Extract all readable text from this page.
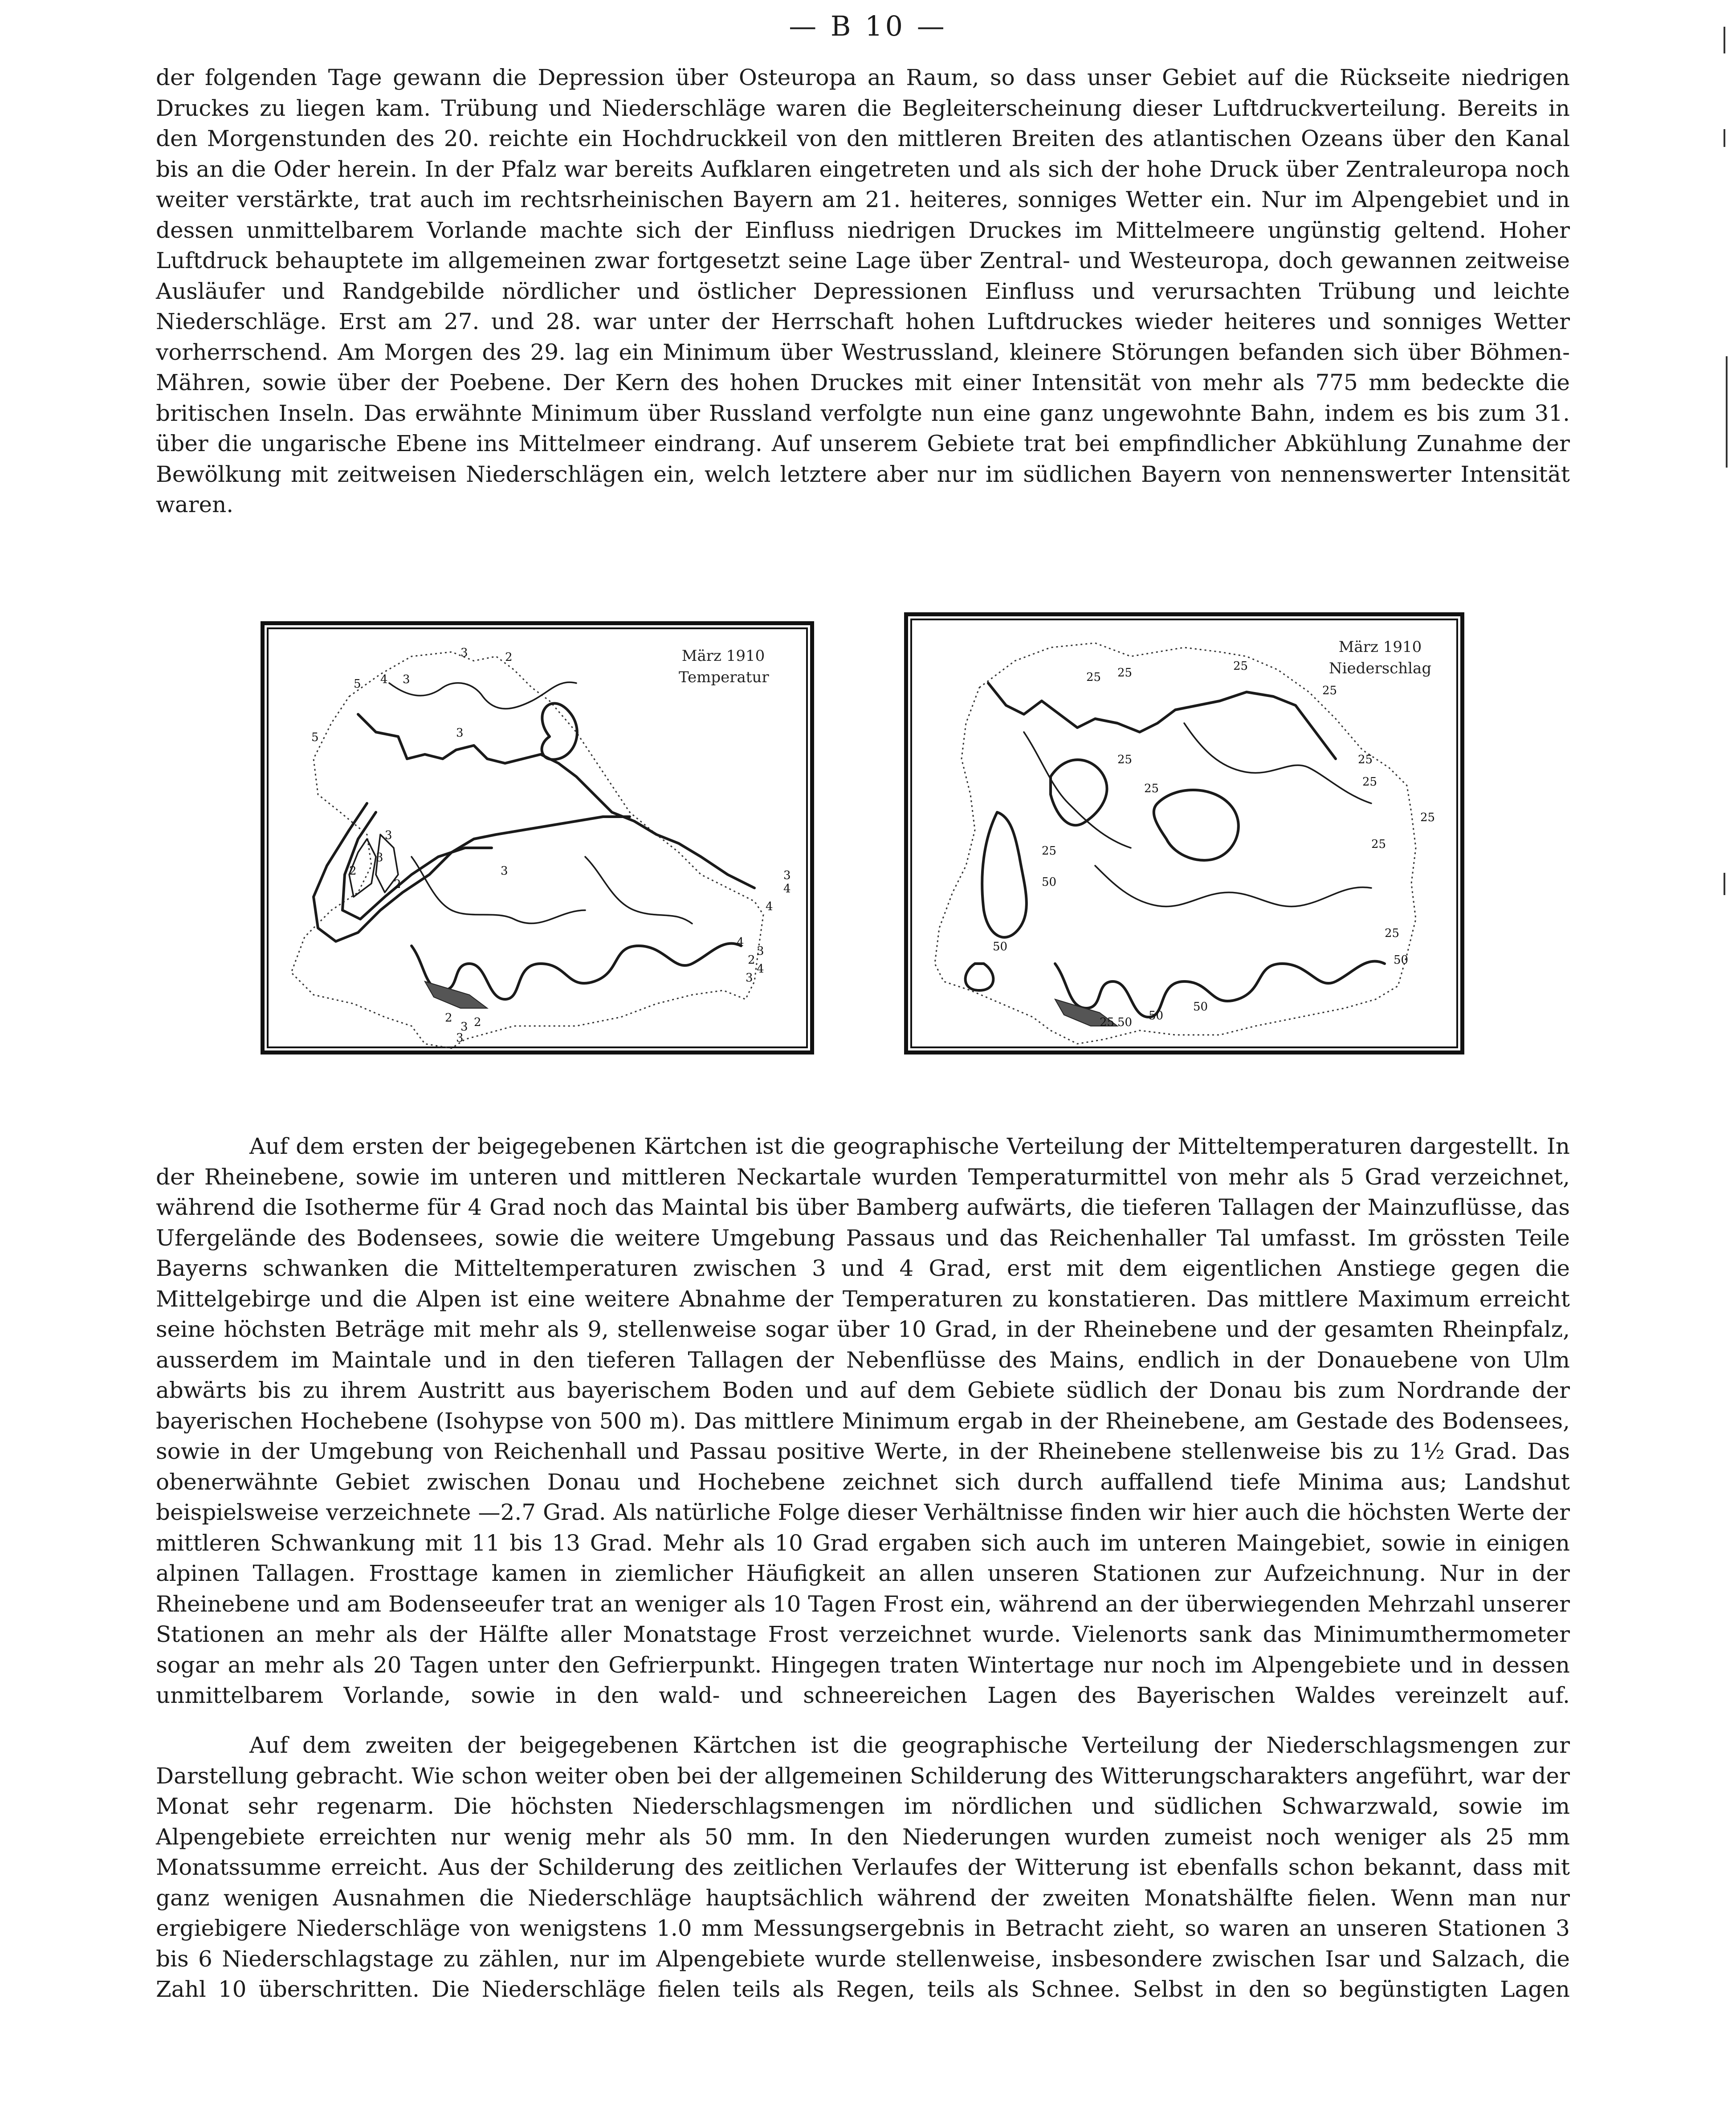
— B 10 —

der folgenden Tage gewann die Depression über Osteuropa an Raum, so dass unser Gebiet auf die Rückseite niedrigen Druckes zu liegen kam. Trübung und Niederschläge waren die Begleiterscheinung dieser Luftdruckverteilung. Bereits in den Morgenstunden des 20. reichte ein Hochdruckkeil von den mittleren Breiten des atlantischen Ozeans über den Kanal bis an die Oder herein. In der Pfalz war bereits Aufklaren eingetreten und als sich der hohe Druck über Zentraleuropa noch weiter verstärkte, trat auch im rechtsrheinischen Bayern am 21. heiteres, sonniges Wetter ein. Nur im Alpengebiet und in dessen unmittelbarem Vorlande machte sich der Einfluss niedrigen Druckes im Mittelmeere ungünstig geltend. Hoher Luftdruck behauptete im allgemeinen zwar fortgesetzt seine Lage über Zentral- und Westeuropa, doch gewannen zeitweise Ausläufer und Randgebilde nördlicher und östlicher Depressionen Einfluss und verursachten Trübung und leichte Niederschläge. Erst am 27. und 28. war unter der Herrschaft hohen Luftdruckes wieder heiteres und sonniges Wetter vorherrschend. Am Morgen des 29. lag ein Minimum über Westrussland, kleinere Störungen befanden sich über Böhmen-Mähren, sowie über der Poebene. Der Kern des hohen Druckes mit einer Intensität von mehr als 775 mm bedeckte die britischen Inseln. Das erwähnte Minimum über Russland verfolgte nun eine ganz ungewohnte Bahn, indem es bis zum 31. über die ungarische Ebene ins Mittelmeer eindrang. Auf unserem Gebiete trat bei empfindlicher Abkühlung Zunahme der Bewölkung mit zeitweisen Niederschlägen ein, welch letztere aber nur im südlichen Bayern von nennenswerter Intensität waren.

3	2
5 4 3
5	3
3
2
3
3
2
3
4
4
4
3
2
4
3
2
3
3
2
März 1910
Temperatur	25 25	25
25
25
25
25
25
25
25
50
50
25
50
25
50
50
25	50
März 1910
Niederschlag

Auf dem ersten der beigegebenen Kärtchen ist die geographische Verteilung der Mitteltemperaturen dargestellt. In der Rheinebene, sowie im unteren und mittleren Neckartale wurden Temperaturmittel von mehr als 5 Grad verzeichnet, während die Isotherme für 4 Grad noch das Maintal bis über Bamberg aufwärts, die tieferen Tallagen der Mainzuflüsse, das Ufergelände des Bodensees, sowie die weitere Umgebung Passaus und das Reichenhaller Tal umfasst. Im grössten Teile Bayerns schwanken die Mitteltemperaturen zwischen 3 und 4 Grad, erst mit dem eigentlichen Anstiege gegen die Mittelgebirge und die Alpen ist eine weitere Abnahme der Temperaturen zu konstatieren. Das mittlere Maximum erreicht seine höchsten Beträge mit mehr als 9, stellenweise sogar über 10 Grad, in der Rheinebene und der gesamten Rheinpfalz, ausserdem im Maintale und in den tieferen Tallagen der Nebenflüsse des Mains, endlich in der Donauebene von Ulm abwärts bis zu ihrem Austritt aus bayerischem Boden und auf dem Gebiete südlich der Donau bis zum Nordrande der bayerischen Hochebene (Isohypse von 500 m). Das mittlere Minimum ergab in der Rheinebene, am Gestade des Bodensees, sowie in der Umgebung von Reichenhall und Passau positive Werte, in der Rheinebene stellenweise bis zu 1½ Grad. Das obenerwähnte Gebiet zwischen Donau und Hochebene zeichnet sich durch auffallend tiefe Minima aus; Landshut beispielsweise verzeichnete —2.7 Grad. Als natürliche Folge dieser Verhältnisse finden wir hier auch die höchsten Werte der mittleren Schwankung mit 11 bis 13 Grad. Mehr als 10 Grad ergaben sich auch im unteren Maingebiet, sowie in einigen alpinen Tallagen. Frosttage kamen in ziemlicher Häufigkeit an allen unseren Stationen zur Aufzeichnung. Nur in der Rheinebene und am Bodenseeufer trat an weniger als 10 Tagen Frost ein, während an der überwiegenden Mehrzahl unserer Stationen an mehr als der Hälfte aller Monatstage Frost verzeichnet wurde. Vielenorts sank das Minimumthermometer sogar an mehr als 20 Tagen unter den Gefrierpunkt. Hingegen traten Wintertage nur noch im Alpengebiete und in dessen unmittelbarem Vorlande, sowie in den wald- und schneereichen Lagen des Bayerischen Waldes vereinzelt auf.

Auf dem zweiten der beigegebenen Kärtchen ist die geographische Verteilung der Niederschlagsmengen zur Darstellung gebracht. Wie schon weiter oben bei der allgemeinen Schilderung des Witterungscharakters angeführt, war der Monat sehr regenarm. Die höchsten Niederschlagsmengen im nördlichen und südlichen Schwarzwald, sowie im Alpengebiete erreichten nur wenig mehr als 50 mm. In den Niederungen wurden zumeist noch weniger als 25 mm Monatssumme erreicht. Aus der Schilderung des zeitlichen Verlaufes der Witterung ist ebenfalls schon bekannt, dass mit ganz wenigen Ausnahmen die Niederschläge hauptsächlich während der zweiten Monatshälfte fielen. Wenn man nur ergiebigere Niederschläge von wenigstens 1.0 mm Messungsergebnis in Betracht zieht, so waren an unseren Stationen 3 bis 6 Niederschlagstage zu zählen, nur im Alpengebiete wurde stellenweise, insbesondere zwischen Isar und Salzach, die Zahl 10 überschritten. Die Niederschläge fielen teils als Regen, teils als Schnee. Selbst in den so begünstigten Lagen
